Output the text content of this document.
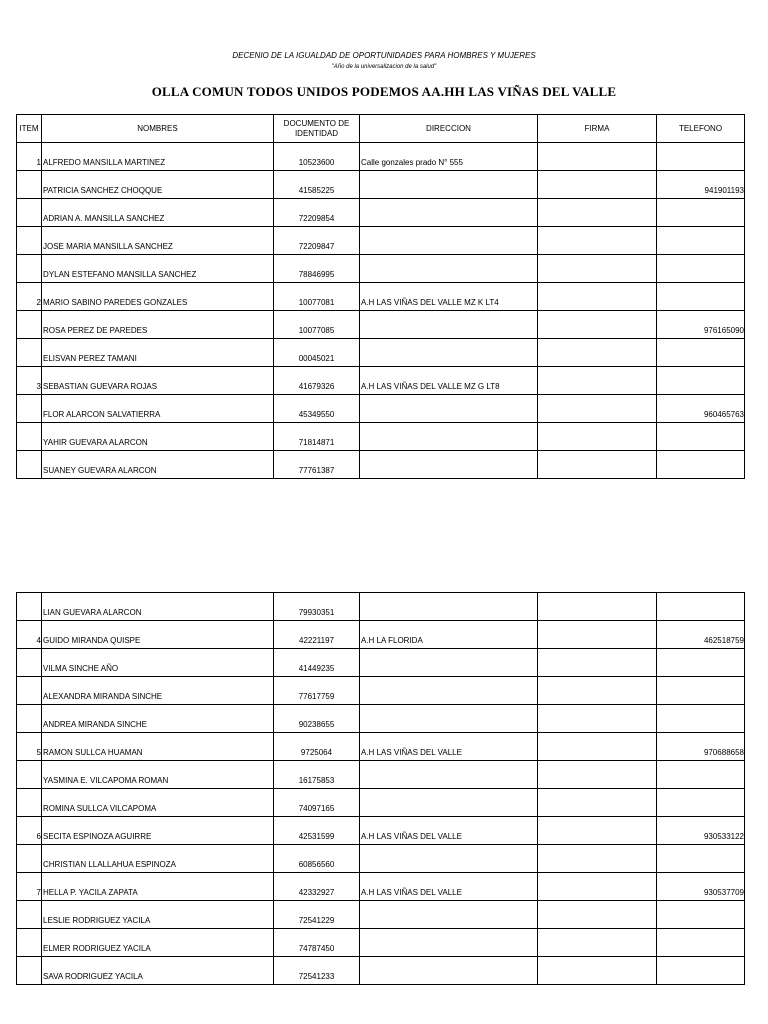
DECENIO DE LA IGUALDAD DE OPORTUNIDADES PARA HOMBRES Y MUJERES
"Año de la universalizacion de la salud"
OLLA COMUN TODOS UNIDOS PODEMOS AA.HH LAS VIÑAS DEL VALLE
ITEM	NOMBRES	DOCUMENTO DE IDENTIDAD	DIRECCION	FIRMA	TELEFONO
1	ALFREDO MANSILLA MARTINEZ	10523600	Calle gonzales prado N° 555		
	PATRICIA SANCHEZ CHOQQUE	41585225			941901193
	ADRIAN A. MANSILLA SANCHEZ	72209854			
	JOSE MARIA MANSILLA SANCHEZ	72209847			
	DYLAN ESTEFANO MANSILLA SANCHEZ	78846995			
2	MARIO SABINO PAREDES GONZALES	10077081	A.H LAS VIÑAS DEL VALLE MZ K LT4		
	ROSA PEREZ DE PAREDES	10077085			976165090
	ELISVAN PEREZ TAMANI	00045021			
3	SEBASTIAN GUEVARA ROJAS	41679326	A.H LAS VIÑAS DEL VALLE MZ G LT8		
	FLOR ALARCON SALVATIERRA	45349550			960465763
	YAHIR GUEVARA ALARCON	71814871			
	SUANEY GUEVARA ALARCON	77761387			
	LIAN GUEVARA ALARCON	79930351			
4	GUIDO MIRANDA QUISPE	42221197	A.H LA FLORIDA		462518759
	VILMA SINCHE AÑO	41449235			
	ALEXANDRA MIRANDA SINCHE	77617759			
	ANDREA MIRANDA SINCHE	90238655			
5	RAMON SULLCA HUAMAN	9725064	A.H LAS VIÑAS DEL VALLE		970688658
	YASMINA E. VILCAPOMA ROMAN	16175853			
	ROMINA SULLCA VILCAPOMA	74097165			
6	SECITA ESPINOZA AGUIRRE	42531599	A.H LAS VIÑAS DEL VALLE		930533122
	CHRISTIAN LLALLAHUA ESPINOZA	60856560			
7	HELLA P. YACILA ZAPATA	42332927	A.H LAS VIÑAS DEL VALLE		930537709
	LESLIE RODRIGUEZ YACILA	72541229			
	ELMER RODRIGUEZ YACILA	74787450			
	SAVA RODRIGUEZ YACILA	72541233			
